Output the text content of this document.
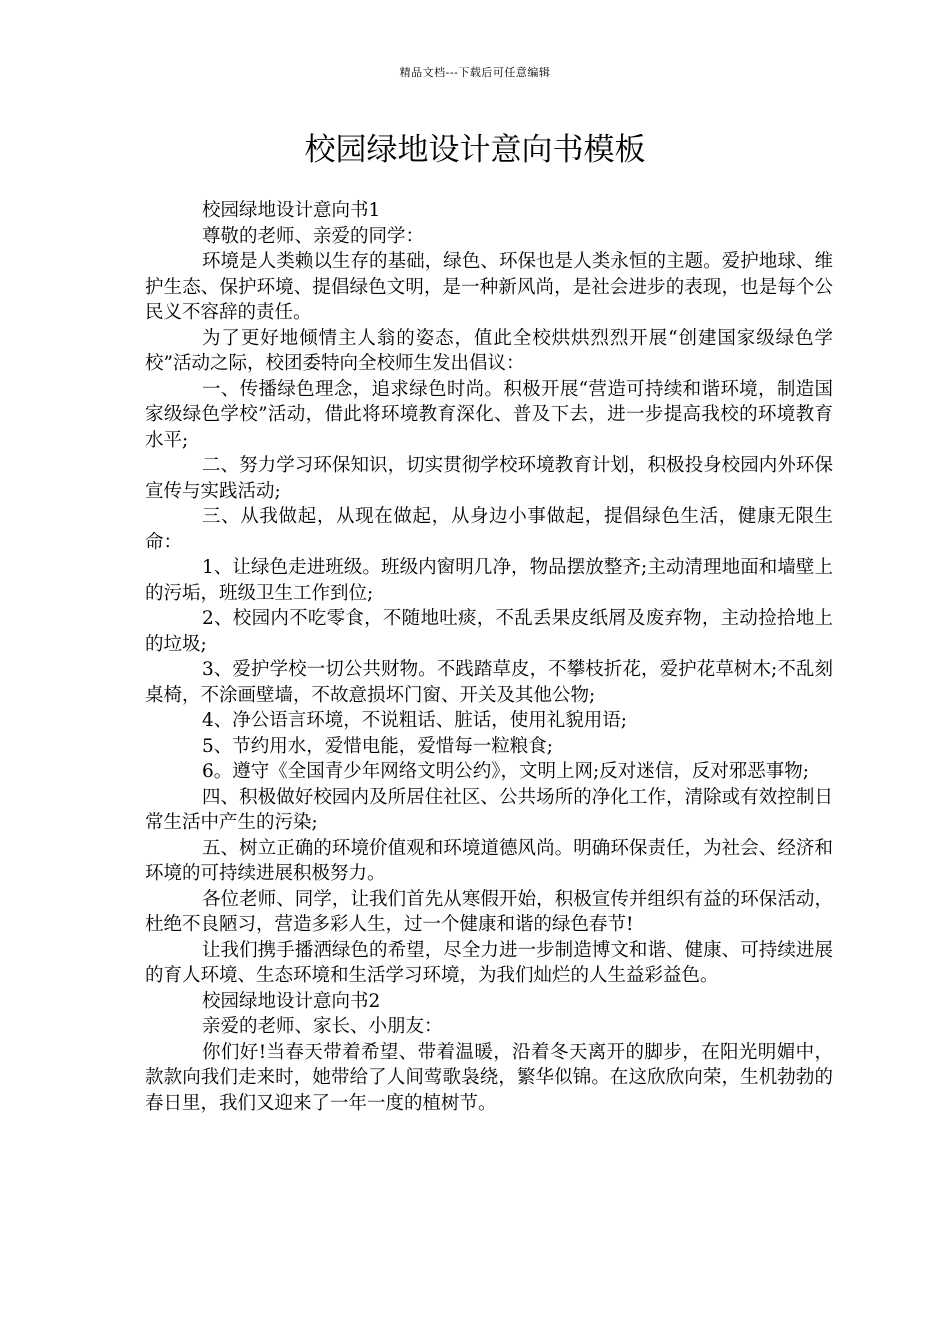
精品文档---下载后可任意编辑
校园绿地设计意向书模板

校园绿地设计意向书1

尊敬的老师、亲爱的同学：

环境是人类赖以生存的基础，绿色、环保也是人类永恒的主题。爱护地球、维护生态、保护环境、提倡绿色文明，是一种新风尚，是社会进步的表现，也是每个公民义不容辞的责任。

为了更好地倾情主人翁的姿态，值此全校烘烘烈烈开展“创建国家级绿色学校”活动之际，校团委特向全校师生发出倡议：

一、传播绿色理念，追求绿色时尚。积极开展“营造可持续和谐环境，制造国家级绿色学校”活动，借此将环境教育深化、普及下去，进一步提高我校的环境教育水平;

二、努力学习环保知识，切实贯彻学校环境教育计划，积极投身校园内外环保宣传与实践活动;

三、从我做起，从现在做起，从身边小事做起，提倡绿色生活，健康无限生命：

1、让绿色走进班级。班级内窗明几净，物品摆放整齐;主动清理地面和墙壁上的污垢，班级卫生工作到位;

2、校园内不吃零食，不随地吐痰，不乱丢果皮纸屑及废弃物，主动捡拾地上的垃圾;

3、爱护学校一切公共财物。不践踏草皮，不攀枝折花，爱护花草树木;不乱刻桌椅，不涂画壁墙，不故意损坏门窗、开关及其他公物;

4、净公语言环境，不说粗话、脏话，使用礼貌用语;

5、节约用水，爱惜电能，爱惜每一粒粮食;

6。遵守《全国青少年网络文明公约》，文明上网;反对迷信，反对邪恶事物;

四、积极做好校园内及所居住社区、公共场所的净化工作，清除或有效控制日常生活中产生的污染;

五、树立正确的环境价值观和环境道德风尚。明确环保责任，为社会、经济和环境的可持续进展积极努力。

各位老师、同学，让我们首先从寒假开始，积极宣传并组织有益的环保活动，杜绝不良陋习，营造多彩人生，过一个健康和谐的绿色春节!

让我们携手播洒绿色的希望，尽全力进一步制造博文和谐、健康、可持续进展的育人环境、生态环境和生活学习环境，为我们灿烂的人生益彩益色。

校园绿地设计意向书2

亲爱的老师、家长、小朋友：

你们好!当春天带着希望、带着温暖，沿着冬天离开的脚步，在阳光明媚中，款款向我们走来时，她带给了人间莺歌袅绕，繁华似锦。在这欣欣向荣，生机勃勃的春日里，我们又迎来了一年一度的植树节。
